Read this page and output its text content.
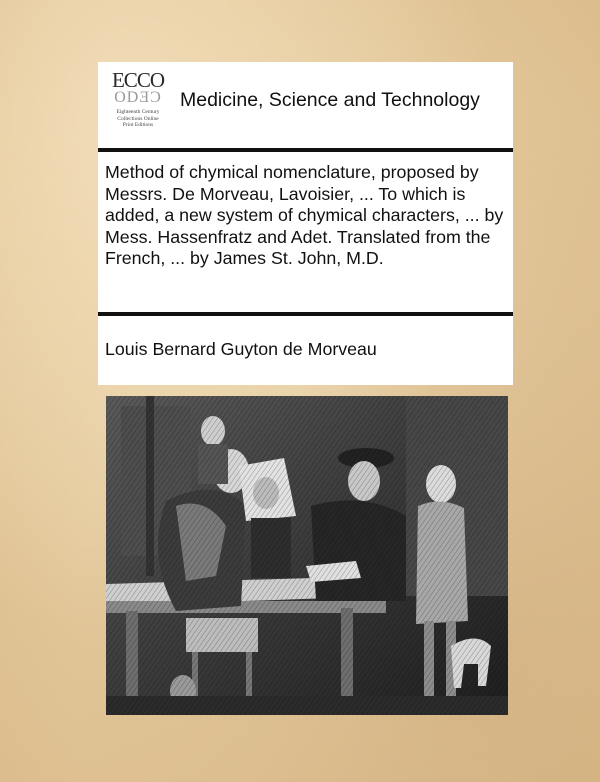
ECCO
ODƎƆ
Eighteenth Century
Collections Online
Print Editions
Medicine, Science and Technology
Method of chymical nomenclature, proposed by Messrs. De Morveau, Lavoisier, ... To which is added, a new system of chymical characters, ... by Mess. Hassenfratz and Adet. Translated from the French, ... by James St. John, M.D.
Louis Bernard Guyton de Morveau
